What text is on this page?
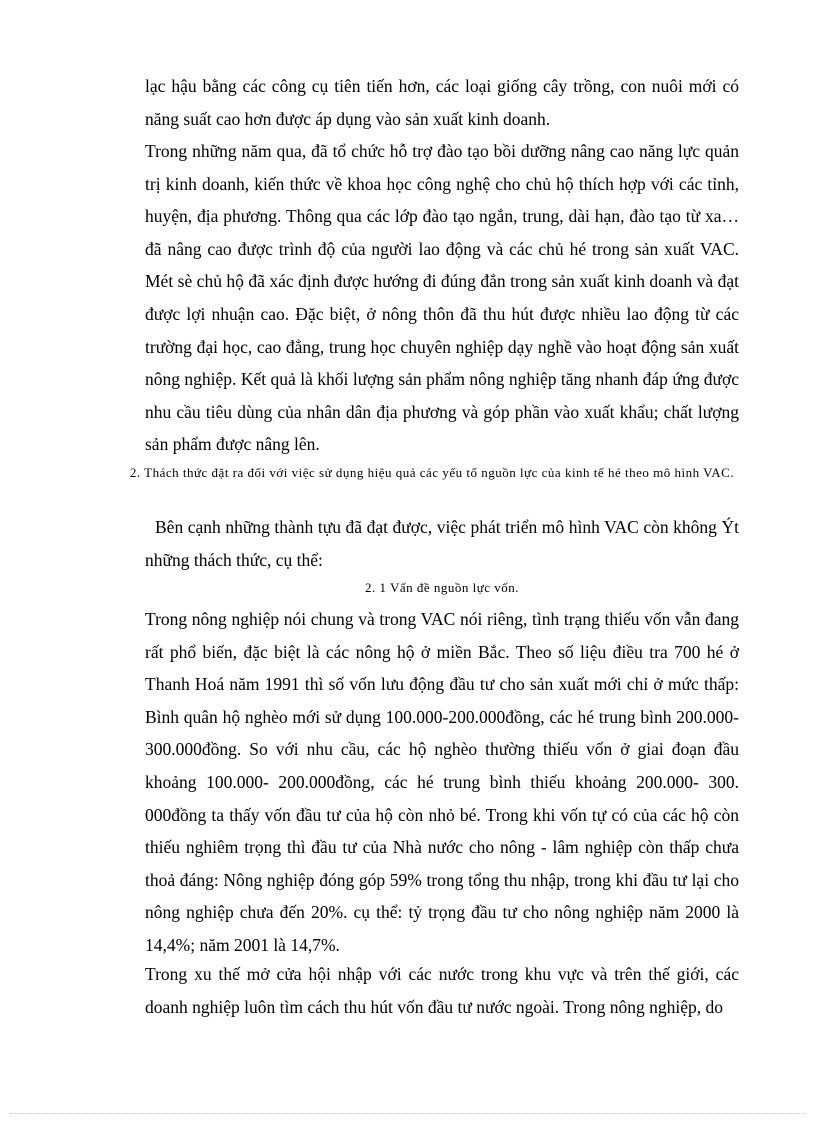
lạc hậu bằng các công cụ tiên tiến hơn, các loại giống cây trồng, con nuôi mới có năng suất cao hơn được áp dụng vào sản xuất kinh doanh.
Trong những năm qua, đã tổ chức hỗ trợ đào tạo bồi dưỡng nâng cao năng lực quản trị kinh doanh, kiến thức về khoa học công nghệ cho chủ hộ thích hợp với các tỉnh, huyện, địa phương. Thông qua các lớp đào tạo ngắn, trung, dài hạn, đào tạo từ xa…đã nâng cao được trình độ của người lao động và các chủ hé trong sản xuất VAC. Mét sè chủ hộ đã xác định được hướng đi đúng đắn trong sản xuất kinh doanh và đạt được lợi nhuận cao. Đặc biệt, ở nông thôn đã thu hút được nhiều lao động từ các trường đại học, cao đẳng, trung học chuyên nghiệp dạy nghề vào hoạt động sản xuất nông nghiệp. Kết quả là khối lượng sản phẩm nông nghiệp tăng nhanh đáp ứng được nhu cầu tiêu dùng của nhân dân địa phương và góp phần vào xuất khẩu; chất lượng sản phẩm được nâng lên.
2. Thách thức đặt ra đối với việc sử dụng hiệu quả các yếu tố nguồn lực của kinh tế hé theo mô hình VAC.
Bên cạnh những thành tựu đã đạt được, việc phát triển mô hình VAC còn không Ýt những thách thức, cụ thể:
2. 1 Vấn đề nguồn lực vốn.
Trong nông nghiệp nói chung và trong VAC nói riêng, tình trạng thiếu vốn vẫn đang rất phổ biến, đặc biệt là các nông hộ ở miền Bắc. Theo số liệu điều tra 700 hé ở Thanh Hoá năm 1991 thì số vốn lưu động đầu tư cho sản xuất mới chỉ ở mức thấp: Bình quân hộ nghèo mới sử dụng 100.000-200.000đồng, các hé trung bình 200.000-300.000đồng. So với nhu cầu, các hộ nghèo thường thiếu vốn ở giai đoạn đầu khoảng 100.000- 200.000đồng, các hé trung bình thiếu khoảng 200.000- 300. 000đồng ta thấy vốn đầu tư của hộ còn nhỏ bé. Trong khi vốn tự có của các hộ còn thiếu nghiêm trọng thì đầu tư của Nhà nước cho nông - lâm nghiệp còn thấp chưa thoả đáng: Nông nghiệp đóng góp 59% trong tổng thu nhập, trong khi đầu tư lại cho nông nghiệp chưa đến 20%. cụ thể: tỷ trọng đầu tư cho nông nghiệp năm 2000 là 14,4%; năm 2001 là 14,7%.
Trong xu thế mở cửa hội nhập với các nước trong khu vực và trên thế giới, các doanh nghiệp luôn tìm cách thu hút vốn đầu tư nước ngoài. Trong nông nghiệp, do
